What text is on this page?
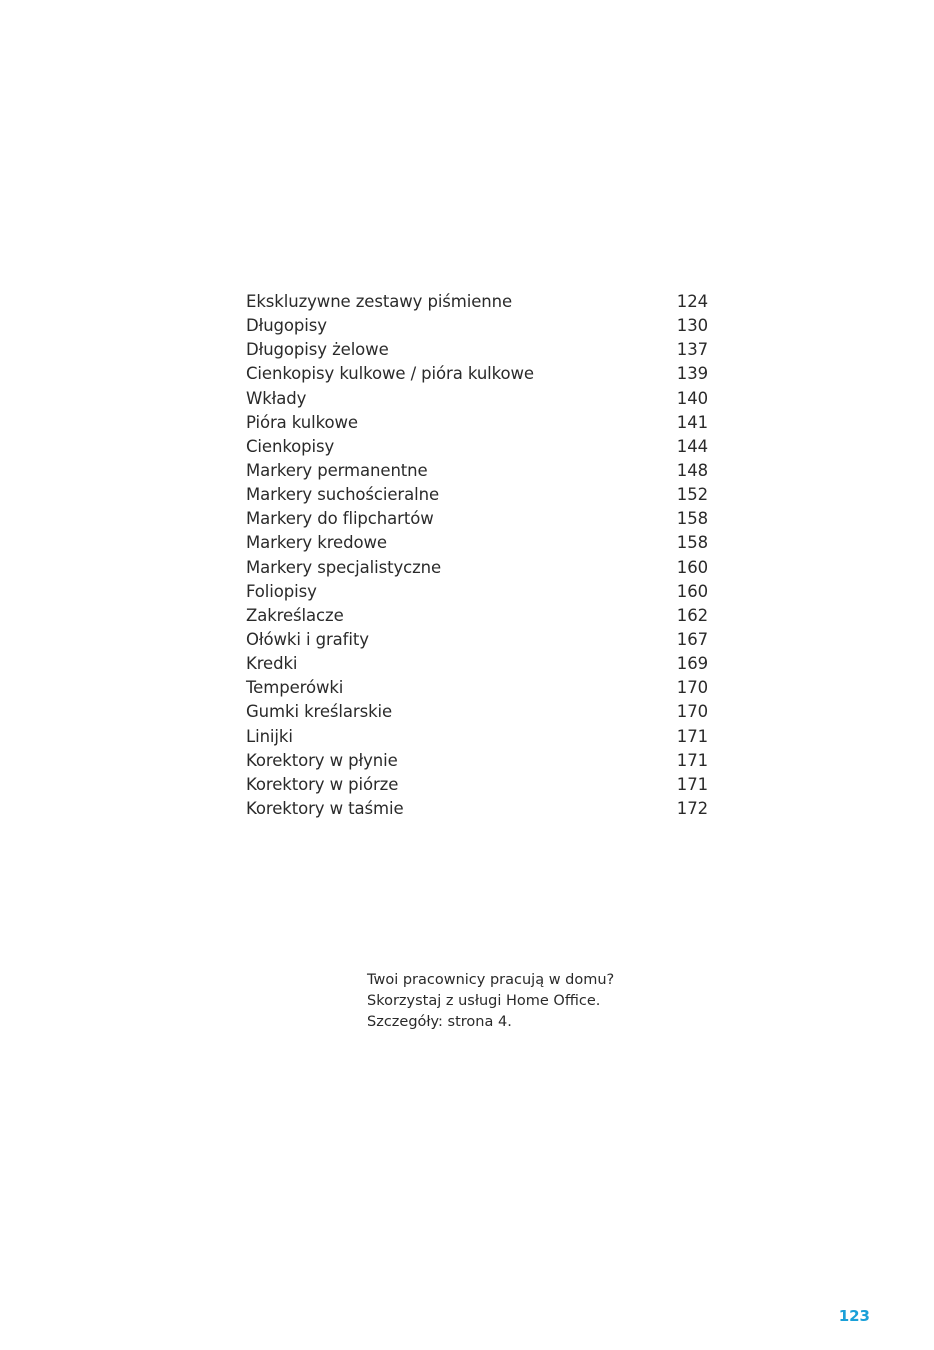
Ekskluzywne zestawy piśmienne	124
Długopisy	130
Długopisy żelowe	137
Cienkopisy kulkowe / pióra kulkowe	139
Wkłady	140
Pióra kulkowe	141
Cienkopisy	144
Markery permanentne	148
Markery suchościeralne	152
Markery do flipchartów	158
Markery kredowe	158
Markery specjalistyczne	160
Foliopisy	160
Zakreślacze	162
Ołówki i grafity	167
Kredki	169
Temperówki	170
Gumki kreślarskie	170
Linijki	171
Korektory w płynie	171
Korektory w piórze	171
Korektory w taśmie	172
Twoi pracownicy pracują w domu?
Skorzystaj z usługi Home Office.
Szczegóły: strona 4.
123
